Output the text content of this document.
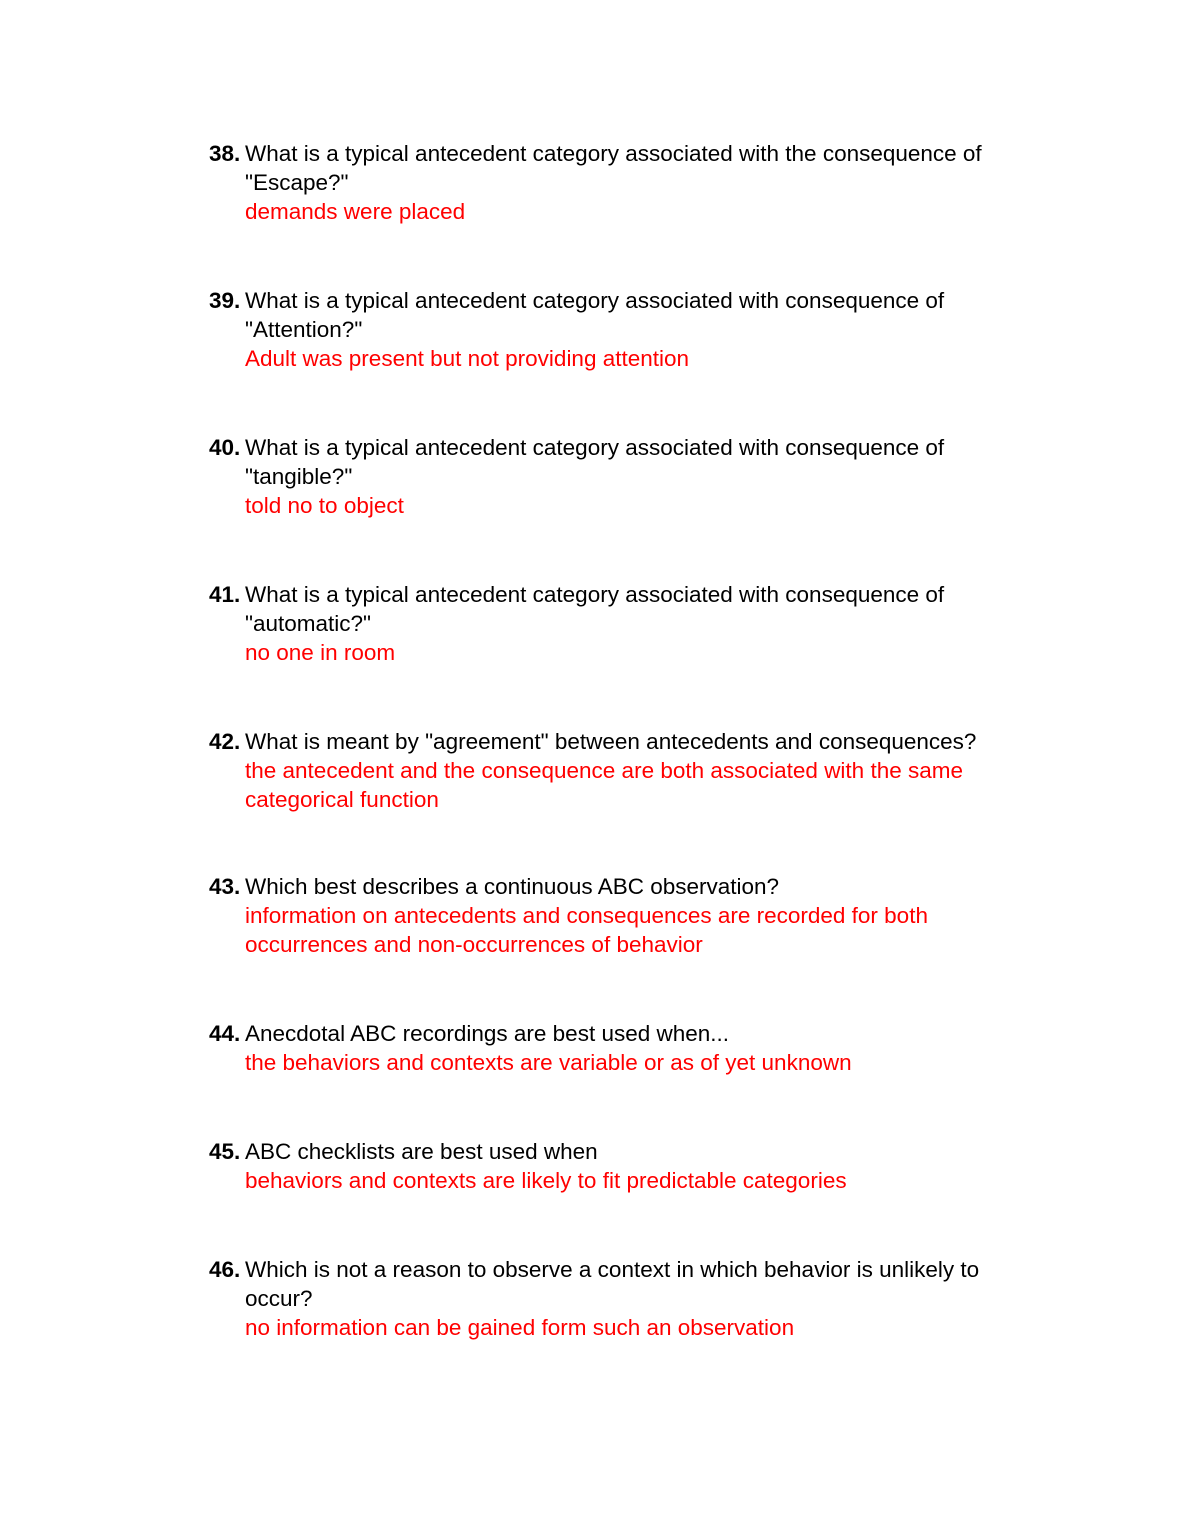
38. What is a typical antecedent category associated with the consequence of "Escape?"
demands were placed
39. What is a typical antecedent category associated with consequence of "Attention?"
Adult was present but not providing attention
40. What is a typical antecedent category associated with consequence of "tangible?"
told no to object
41. What is a typical antecedent category associated with consequence of "automatic?"
no one in room
42. What is meant by "agreement" between antecedents and consequences?
the antecedent and the consequence are both associated with the same categorical function
43. Which best describes a continuous ABC observation?
information on antecedents and consequences are recorded for both occurrences and non-occurrences of behavior
44. Anecdotal ABC recordings are best used when...
the behaviors and contexts are variable or as of yet unknown
45. ABC checklists are best used when
behaviors and contexts are likely to fit predictable categories
46. Which is not a reason to observe a context in which behavior is unlikely to occur?
no information can be gained form such an observation
